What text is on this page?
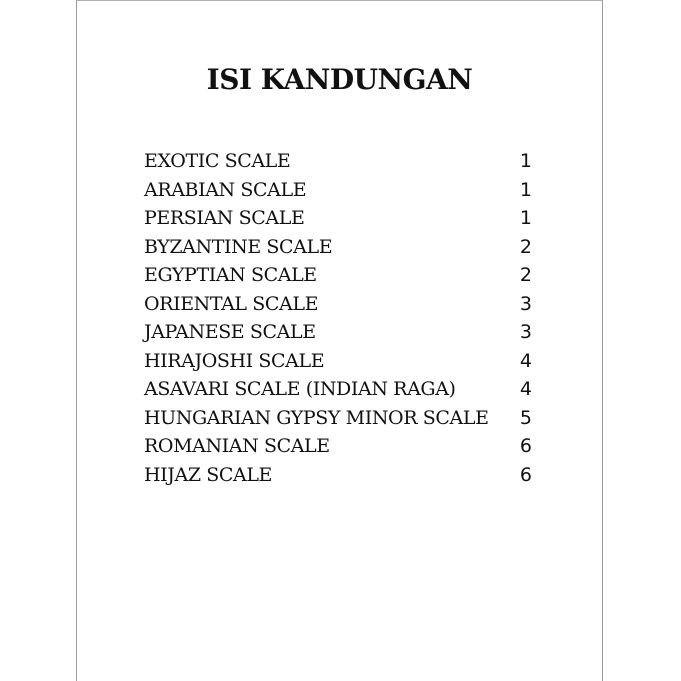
ISI KANDUNGAN
EXOTIC SCALE	1
ARABIAN SCALE	1
PERSIAN SCALE	1
BYZANTINE SCALE	2
EGYPTIAN SCALE	2
ORIENTAL SCALE	3
JAPANESE SCALE	3
HIRAJOSHI SCALE	4
ASAVARI SCALE (INDIAN RAGA)	4
HUNGARIAN GYPSY MINOR SCALE 5
ROMANIAN SCALE	6
HIJAZ SCALE	6
